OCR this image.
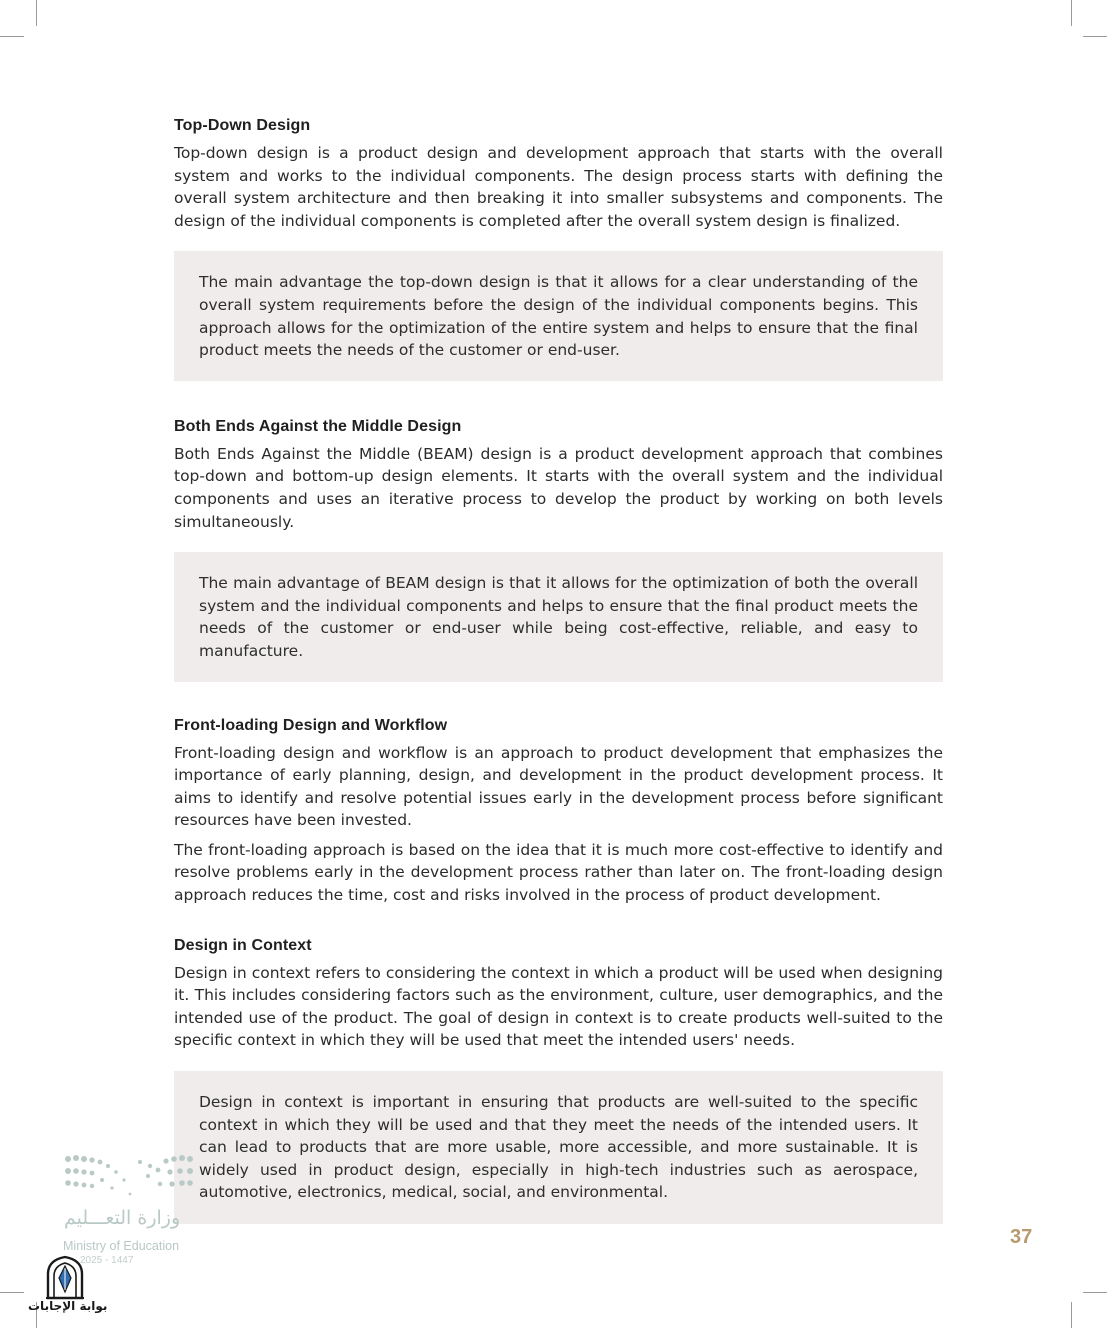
Top-Down Design

Top-down design is a product design and development approach that starts with the overall system and works to the individual components. The design process starts with defining the overall system architecture and then breaking it into smaller subsystems and components. The design of the individual components is completed after the overall system design is finalized.

The main advantage the top-down design is that it allows for a clear understanding of the overall system requirements before the design of the individual components begins. This approach allows for the optimization of the entire system and helps to ensure that the final product meets the needs of the customer or end-user.

Both Ends Against the Middle Design

Both Ends Against the Middle (BEAM) design is a product development approach that combines top-down and bottom-up design elements. It starts with the overall system and the individual components and uses an iterative process to develop the product by working on both levels simultaneously.

The main advantage of BEAM design is that it allows for the optimization of both the overall system and the individual components and helps to ensure that the final product meets the needs of the customer or end-user while being cost-effective, reliable, and easy to manufacture.

Front-loading Design and Workflow

Front-loading design and workflow is an approach to product development that emphasizes the importance of early planning, design, and development in the product development process. It aims to identify and resolve potential issues early in the development process before significant resources have been invested.

The front-loading approach is based on the idea that it is much more cost-effective to identify and resolve problems early in the development process rather than later on. The front-loading design approach reduces the time, cost and risks involved in the process of product development.

Design in Context

Design in context refers to considering the context in which a product will be used when designing it. This includes considering factors such as the environment, culture, user demographics, and the intended use of the product. The goal of design in context is to create products well-suited to the specific context in which they will be used that meet the intended users' needs.

Design in context is important in ensuring that products are well-suited to the specific context in which they will be used and that they meet the needs of the intended users. It can lead to products that are more usable, more accessible, and more sustainable. It is widely used in product design, especially in high-tech industries such as aerospace, automotive, electronics, medical, social, and environmental.

وزارة التعـــليم
Ministry of Education
2025 - 1447
بوابة الإجابات
37
